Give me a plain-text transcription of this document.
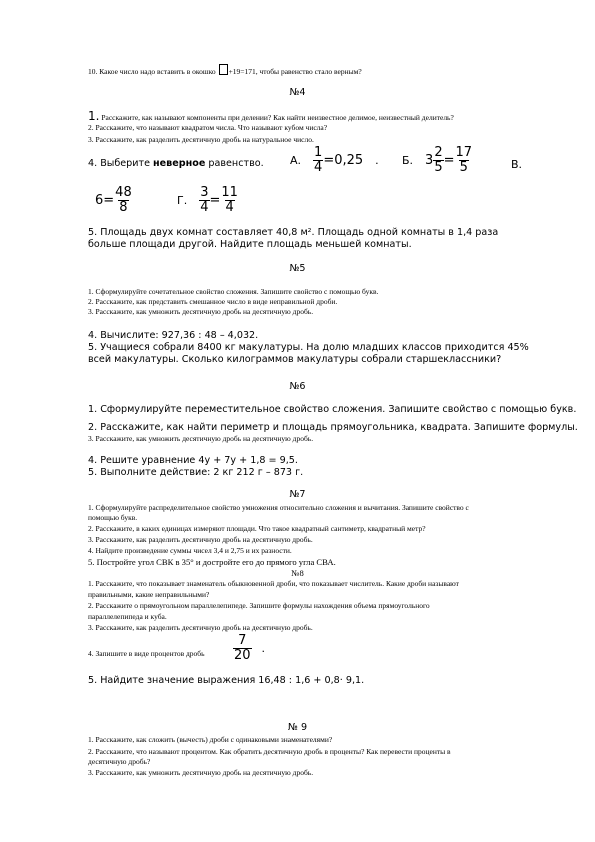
10. Какое число надо вставить в окошко +19=171, чтобы равенство стало верным?
№4
1. Расскажите, как называют компоненты при делении? Как найти неизвестное делимое, неизвестный делитель?
2. Расскажите, что называют квадратом числа. Что называют кубом числа?
3. Расскажите, как разделить десятичную дробь на натуральное число.
4. Выберите неверное равенство. А. $\frac{1}{4} =0,25$ . Б. $3 \frac{2}{5} = \frac{17}{5}$	В.
$6= \frac{48}{8}$	Г. $\frac{3}{4} = \frac{11}{4}$
5. Площадь двух комнат составляет 40,8 м². Площадь одной комнаты в 1,4 раза
больше площади другой. Найдите площадь меньшей комнаты.
№5
1. Сформулируйте сочетательное свойство сложения. Запишите свойство с помощью букв.
2. Расскажите, как представить смешанное число в виде неправильной дроби.
3. Расскажите, как умножить десятичную дробь на десятичную дробь.
4. Вычислите: 927,36 : 48 – 4,032.
5. Учащиеся собрали 8400 кг макулатуры. На долю младших классов приходится 45%
всей макулатуры. Сколько килограммов макулатуры собрали старшеклассники?
№6
1. Сформулируйте переместительное свойство сложения. Запишите свойство с помощью букв.
2. Расскажите, как найти периметр и площадь прямоугольника, квадрата. Запишите формулы.
3. Расскажите, как умножить десятичную дробь на десятичную дробь.
4. Решите уравнение 4у + 7у + 1,8 = 9,5.
5. Выполните действие: 2 кг 212 г – 873 г.
№7
1. Сформулируйте распределительное свойство умножения относительно сложения и вычитания. Запишите свойство с
помощью букв.
2. Расскажите, в каких единицах измеряют площади. Что такое квадратный сантиметр, квадратный метр?
3. Расскажите, как разделить десятичную дробь на десятичную дробь.
4. Найдите произведение суммы чисел 3,4 и 2,75 и их разности.
5. Постройте угол СВК в 35° и достройте его до прямого угла СВА.
№8
1. Расскажите, что показывает знаменатель обыкновенной дроби, что показывает числитель. Какие дроби называют
правильными, какие неправильными?
2. Расскажите о прямоугольном параллелепипеде. Запишите формулы нахождения объема прямоугольного
параллелепипеда и куба.
3. Расскажите, как разделить десятичную дробь на десятичную дробь.
4. Запишите в виде процентов дробь $\frac{7}{20}$ .
5. Найдите значение выражения 16,48 : 1,6 + 0,8· 9,1.
№ 9
1. Расскажите, как сложить (вычесть) дроби с одинаковыми знаменателями?
2. Расскажите, что называют процентом. Как обратить десятичную дробь в проценты? Как перевести проценты в
десятичную дробь?
3. Расскажите, как умножить десятичную дробь на десятичную дробь.
